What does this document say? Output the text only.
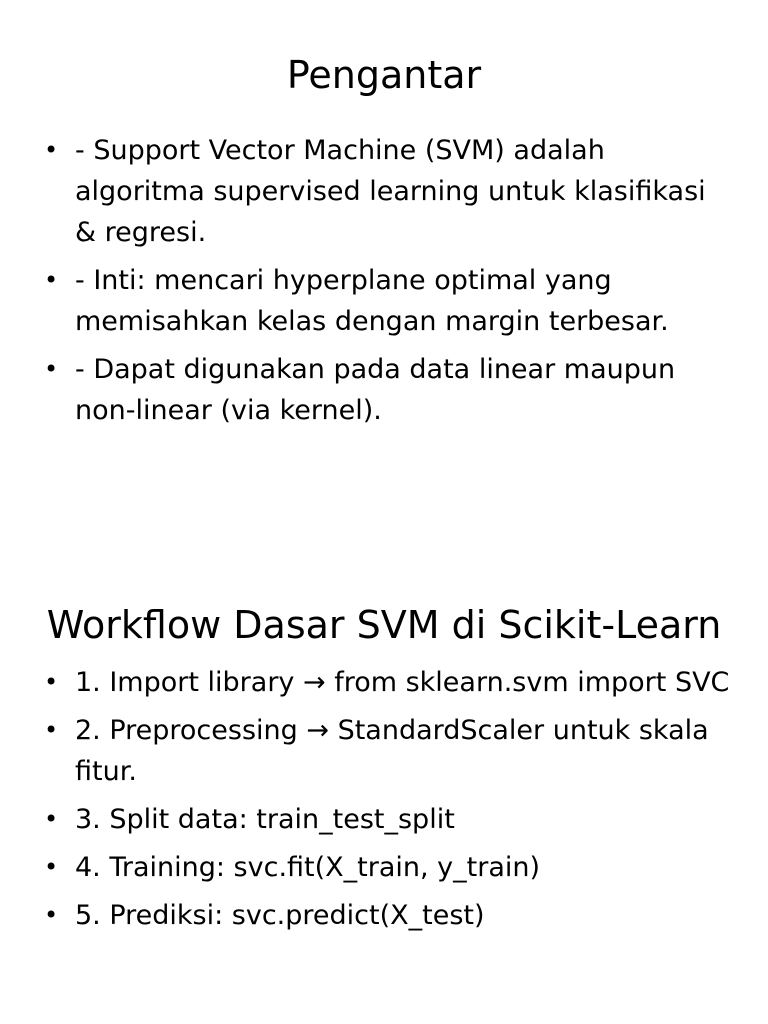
Pengantar
• - Support Vector Machine (SVM) adalah algoritma supervised learning untuk klasifikasi & regresi.
• - Inti: mencari hyperplane optimal yang memisahkan kelas dengan margin terbesar.
• - Dapat digunakan pada data linear maupun non-linear (via kernel).
Workflow Dasar SVM di Scikit-Learn
• 1. Import library → from sklearn.svm import SVC
• 2. Preprocessing → StandardScaler untuk skala fitur.
• 3. Split data: train_test_split
• 4. Training: svc.fit(X_train, y_train)
• 5. Prediksi: svc.predict(X_test)
